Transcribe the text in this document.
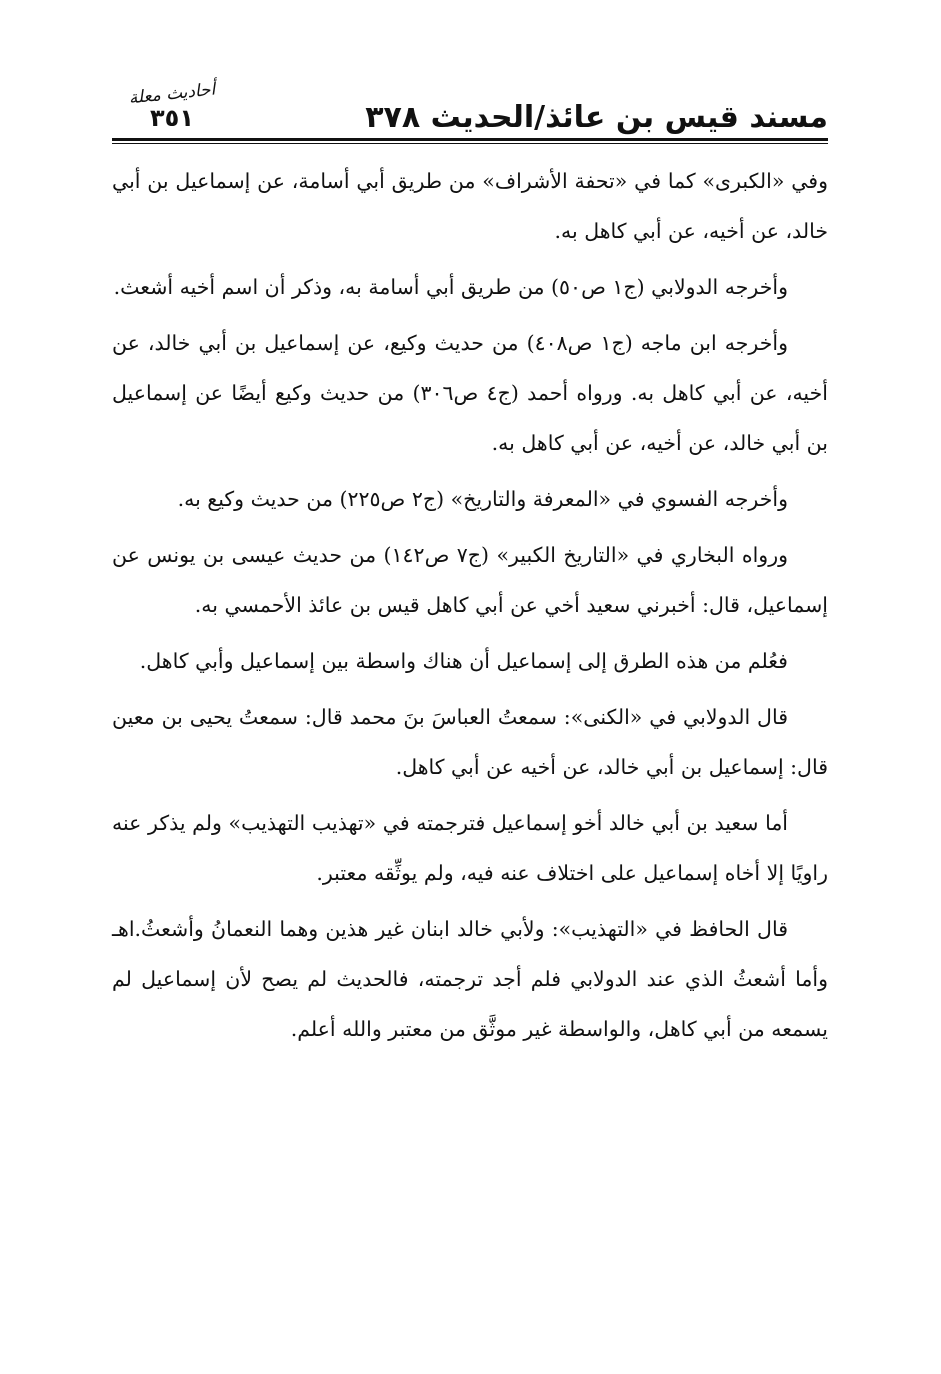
مسند قيس بن عائذ/الحديث ٣٧٨
أحاديث معلة
٣٥١

وفي «الكبرى» كما في «تحفة الأشراف» من طريق أبي أسامة، عن إسماعيل بن أبي خالد، عن أخيه، عن أبي كاهل به.

وأخرجه الدولابي (ج١ ص٥٠) من طريق أبي أسامة به، وذكر أن اسم أخيه أشعث.

وأخرجه ابن ماجه (ج١ ص٤٠٨) من حديث وكيع، عن إسماعيل بن أبي خالد، عن أخيه، عن أبي كاهل به. ورواه أحمد (ج٤ ص٣٠٦) من حديث وكيع أيضًا عن إسماعيل بن أبي خالد، عن أخيه، عن أبي كاهل به.

وأخرجه الفسوي في «المعرفة والتاريخ» (ج٢ ص٢٢٥) من حديث وكيع به.

ورواه البخاري في «التاريخ الكبير» (ج٧ ص١٤٢) من حديث عيسى بن يونس عن إسماعيل، قال: أخبرني سعيد أخي عن أبي كاهل قيس بن عائذ الأحمسي به.

فعُلم من هذه الطرق إلى إسماعيل أن هناك واسطة بين إسماعيل وأبي كاهل.

قال الدولابي في «الكنى»: سمعتُ العباسَ بنَ محمد قال: سمعتُ يحيى بن معين قال: إسماعيل بن أبي خالد، عن أخيه عن أبي كاهل.

أما سعيد بن أبي خالد أخو إسماعيل فترجمته في «تهذيب التهذيب» ولم يذكر عنه راويًا إلا أخاه إسماعيل على اختلاف عنه فيه، ولم يوثِّقه معتبر.

قال الحافظ في «التهذيب»: ولأبي خالد ابنان غير هذين وهما النعمانُ وأشعثُ.اهـ وأما أشعثُ الذي عند الدولابي فلم أجد ترجمته، فالحديث لم يصح لأن إسماعيل لم يسمعه من أبي كاهل، والواسطة غير موثَّق من معتبر والله أعلم.
